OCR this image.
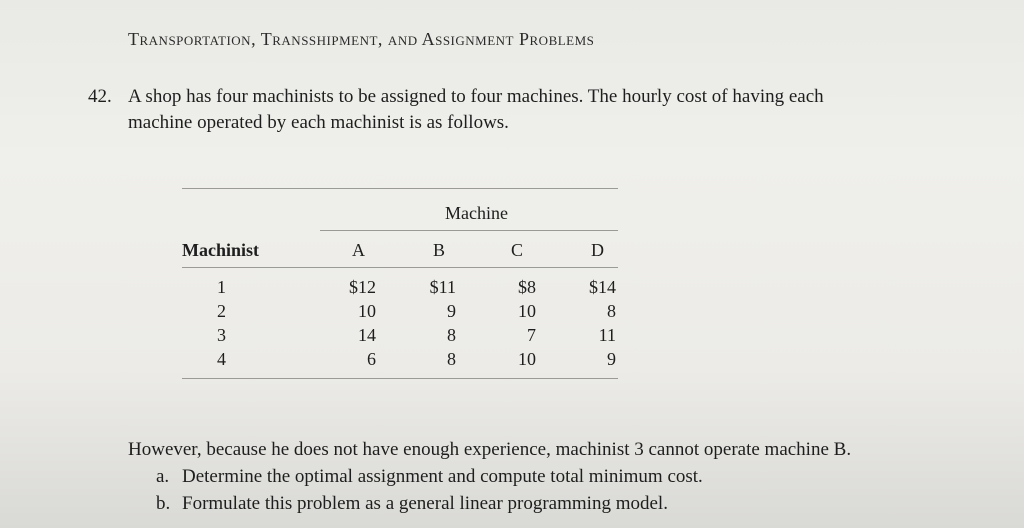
Transportation, Transshipment, and Assignment Problems
42. A shop has four machinists to be assigned to four machines. The hourly cost of having each
machine operated by each machinist is as follows.
Machine
Machinist	A	B	C	D
1	$12	$11	$8	$14
2	10	9	10	8
3	14	8	7	11
4	6	8	10	9
However, because he does not have enough experience, machinist 3 cannot operate machine B.
a. Determine the optimal assignment and compute total minimum cost.
b. Formulate this problem as a general linear programming model.
